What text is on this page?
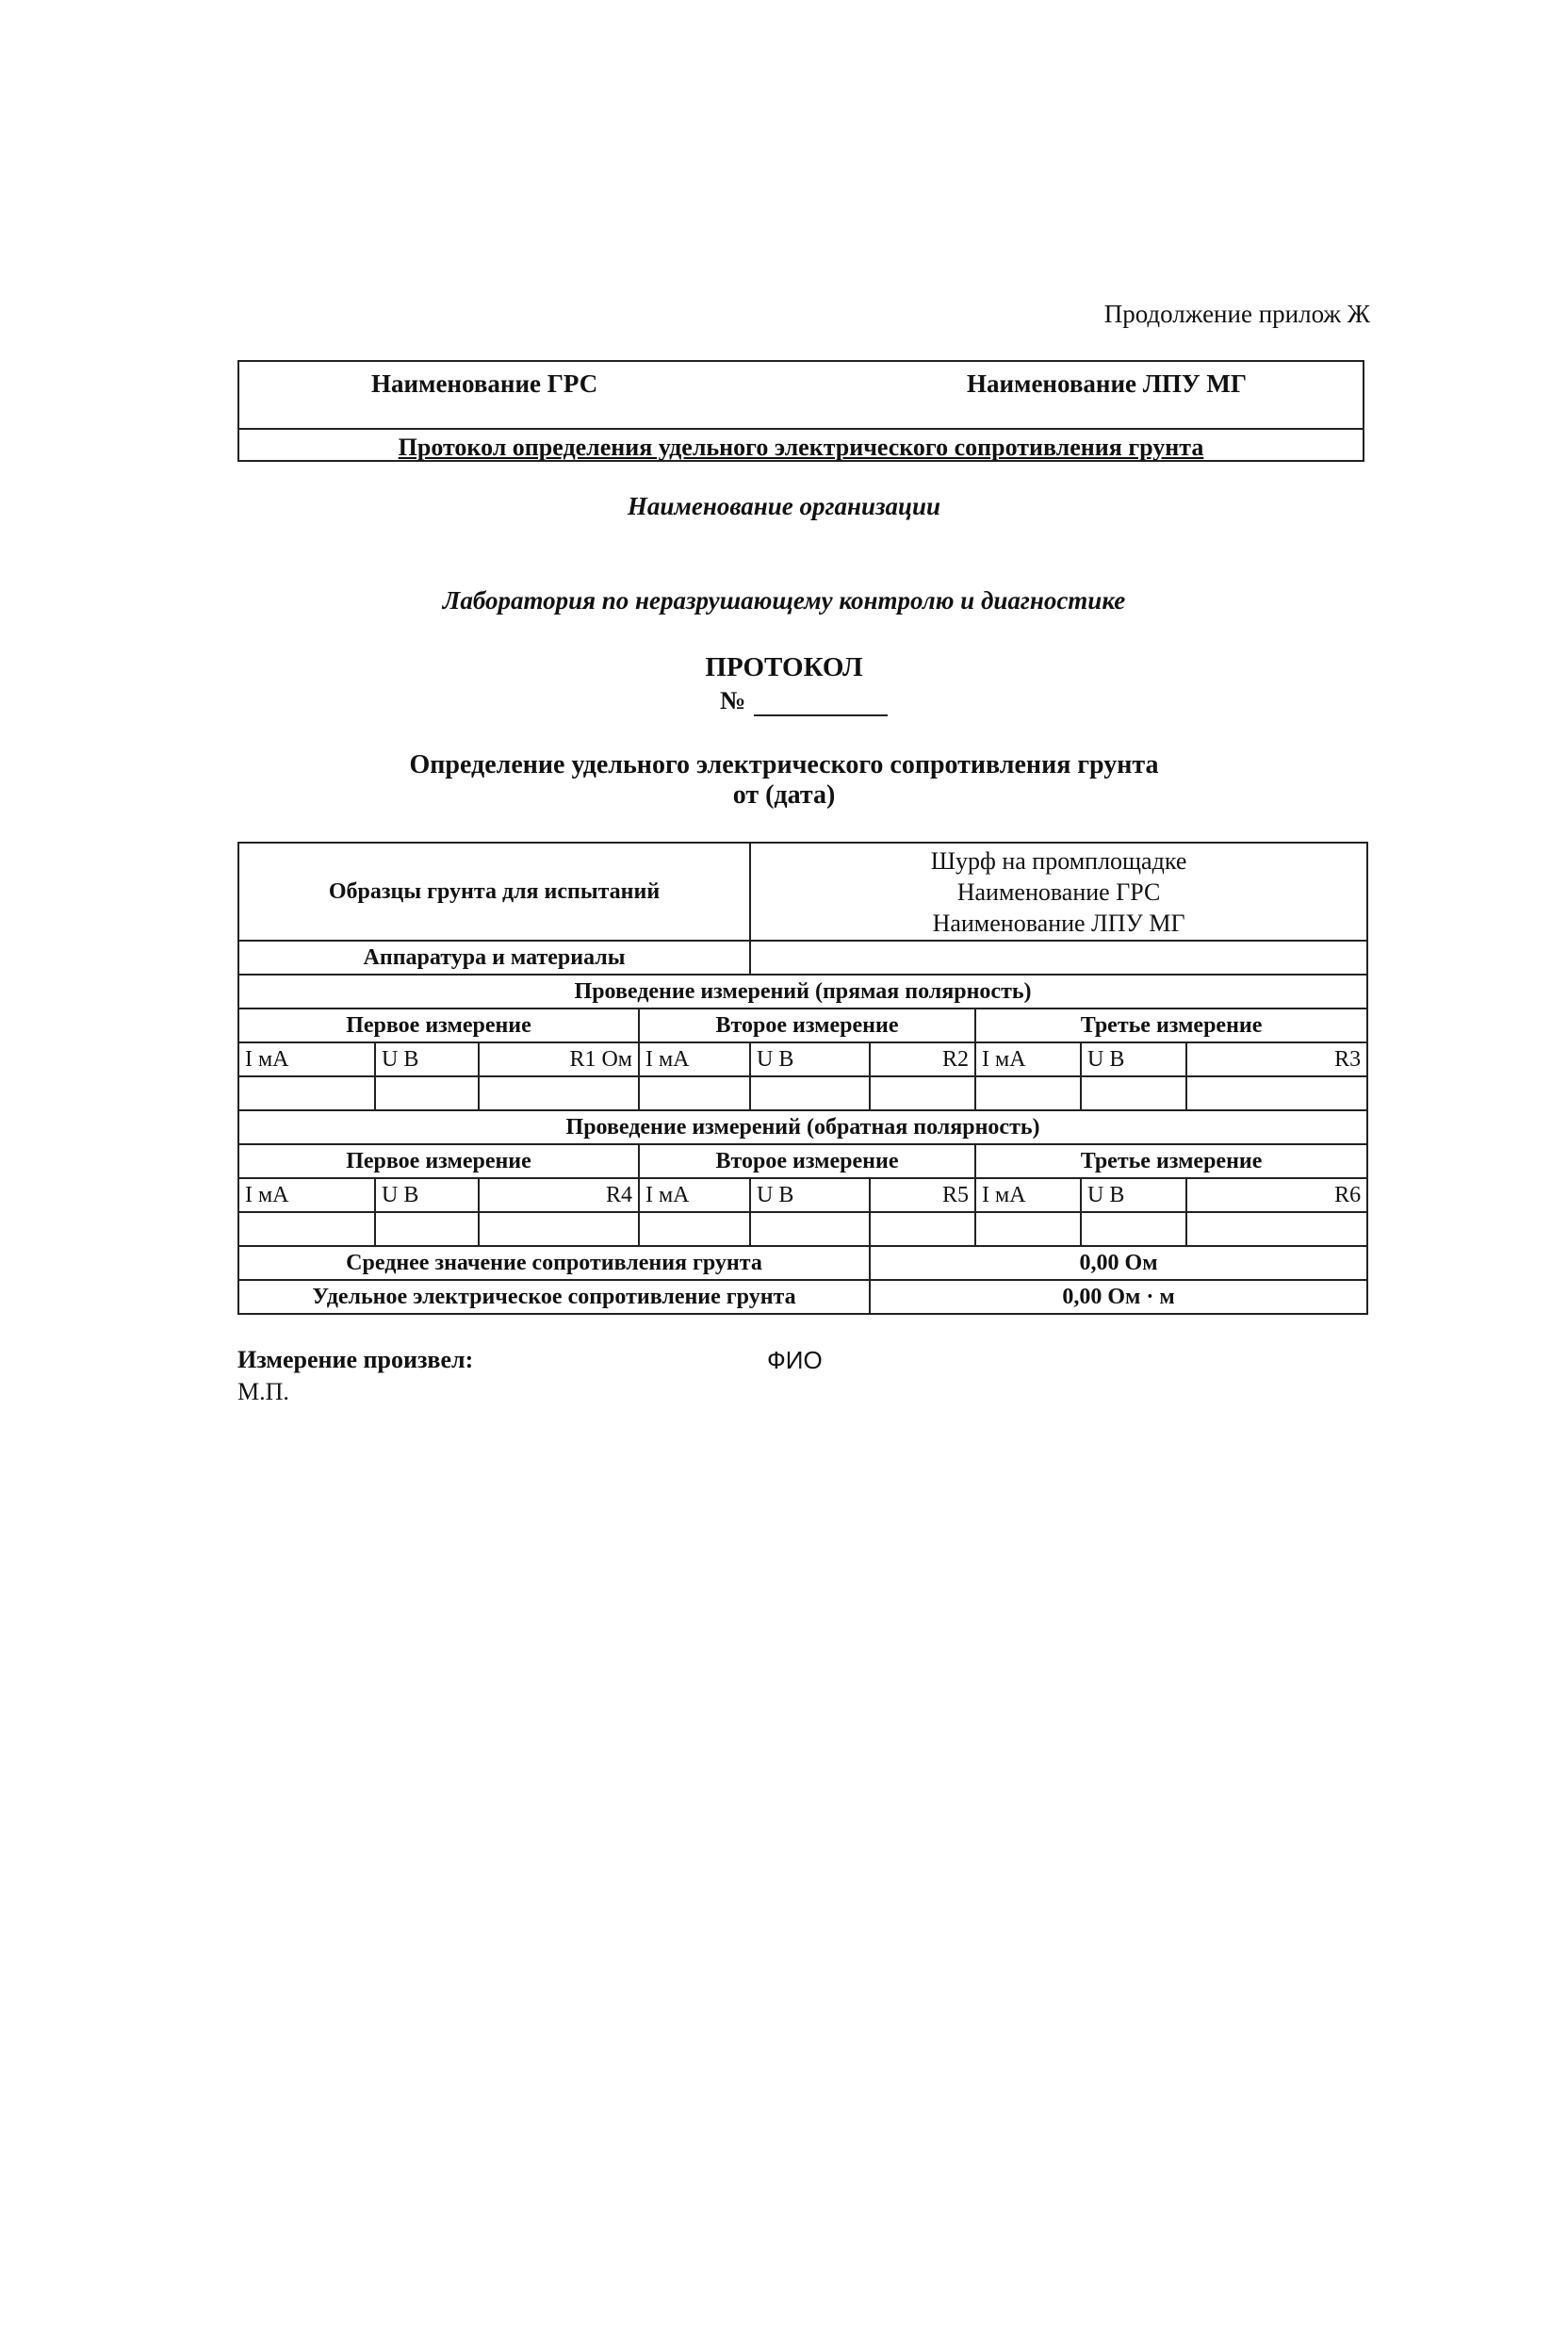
Продолжение прилож Ж
Наименование ГРС	Наименование ЛПУ МГ
Протокол определения удельного электрического сопротивления грунта
Наименование организации
Лаборатория по неразрушающему контролю и диагностике
ПРОТОКОЛ
№
Определение удельного электрического сопротивления грунта
от (дата)
Образцы грунта для испытаний				Шурф на промплощадке
Наименование ГРС
Наименование ЛПУ МГ				

Аппаратура и материалы								
Проведение измерений (прямая полярность)								
Первое измерение			Второе измерение			Третье измерение		
I мА	U В	R1 Ом	I мА	U В	R2	I мА	U В	R3

Проведение измерений (обратная полярность)								
Первое измерение			Второе измерение			Третье измерение		
I мА	U В	R4	I мА	U В	R5	I мА	U В	R6

Среднее значение сопротивления грунта					0,00 Ом			
Удельное электрическое сопротивление грунта					0,00 Ом · м			
Измерение произвел:	ФИО
М.П.
